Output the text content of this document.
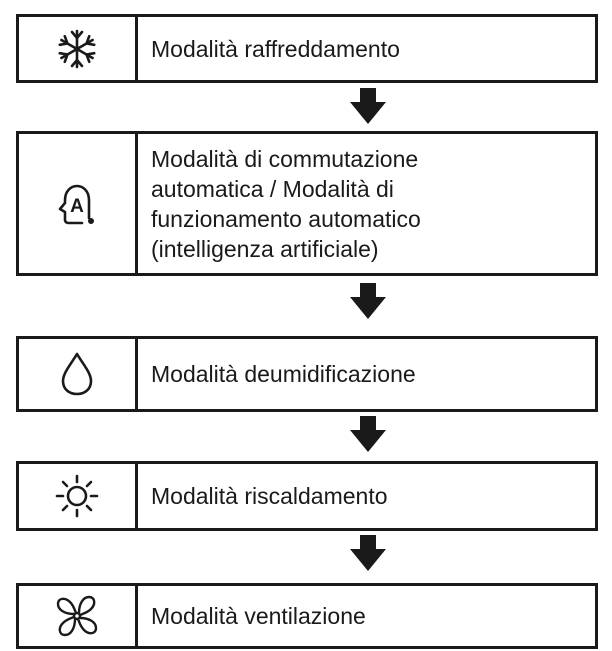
Modalità raffreddamento
A
Modalità di commutazione
automatica / Modalità di
funzionamento automatico
(intelligenza artificiale)
Modalità deumidificazione
Modalità riscaldamento
Modalità ventilazione
